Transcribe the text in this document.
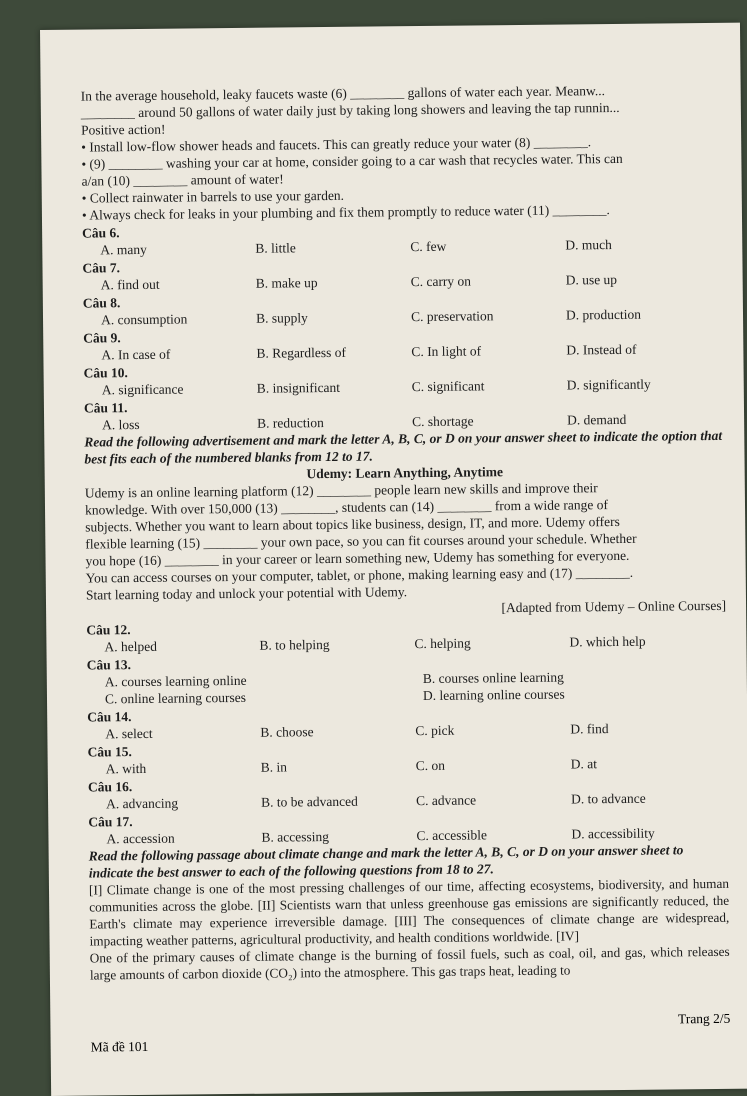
In the average household, leaky faucets waste (6) ________ gallons of water each year. Meanw...

________ around 50 gallons of water daily just by taking long showers and leaving the tap runnin...

Positive action!

• Install low-flow shower heads and faucets. This can greatly reduce your water (8) ________.

• (9) ________ washing your car at home, consider going to a car wash that recycles water. This can

a/an (10) ________ amount of water!

• Collect rainwater in barrels to use your garden.

• Always check for leaks in your plumbing and fix them promptly to reduce water (11) ________.

Câu 6.

A. many	B. little	C. few	D. much

Câu 7.

A. find out	B. make up	C. carry on	D. use up

Câu 8.

A. consumption	B. supply	C. preservation	D. production

Câu 9.

A. In case of	B. Regardless of	C. In light of	D. Instead of

Câu 10.

A. significance	B. insignificant	C. significant	D. significantly

Câu 11.

A. loss	B. reduction	C. shortage	D. demand

Read the following advertisement and mark the letter A, B, C, or D on your answer sheet to indicate the option that best fits each of the numbered blanks from 12 to 17.

Udemy: Learn Anything, Anytime

Udemy is an online learning platform (12) ________ people learn new skills and improve their

knowledge. With over 150,000 (13) ________, students can (14) ________ from a wide range of

subjects. Whether you want to learn about topics like business, design, IT, and more. Udemy offers

flexible learning (15) ________ your own pace, so you can fit courses around your schedule. Whether

you hope (16) ________ in your career or learn something new, Udemy has something for everyone.

You can access courses on your computer, tablet, or phone, making learning easy and (17) ________.

Start learning today and unlock your potential with Udemy.

[Adapted from Udemy – Online Courses]

Câu 12.

A. helped	B. to helping	C. helping	D. which help

Câu 13.

A. courses learning online	B. courses online learning
C. online learning courses	D. learning online courses

Câu 14.

A. select	B. choose	C. pick	D. find

Câu 15.

A. with	B. in	C. on	D. at

Câu 16.

A. advancing	B. to be advanced	C. advance	D. to advance

Câu 17.

A. accession	B. accessing	C. accessible	D. accessibility

Read the following passage about climate change and mark the letter A, B, C, or D on your answer sheet to indicate the best answer to each of the following questions from 18 to 27.

[I] Climate change is one of the most pressing challenges of our time, affecting ecosystems, biodiversity, and human communities across the globe. [II] Scientists warn that unless greenhouse gas emissions are significantly reduced, the Earth's climate may experience irreversible damage. [III] The consequences of climate change are widespread, impacting weather patterns, agricultural productivity, and health conditions worldwide. [IV]

One of the primary causes of climate change is the burning of fossil fuels, such as coal, oil, and gas, which releases large amounts of carbon dioxide (CO₂) into the atmosphere. This gas traps heat, leading to

Trang 2/5
Mã đề 101
